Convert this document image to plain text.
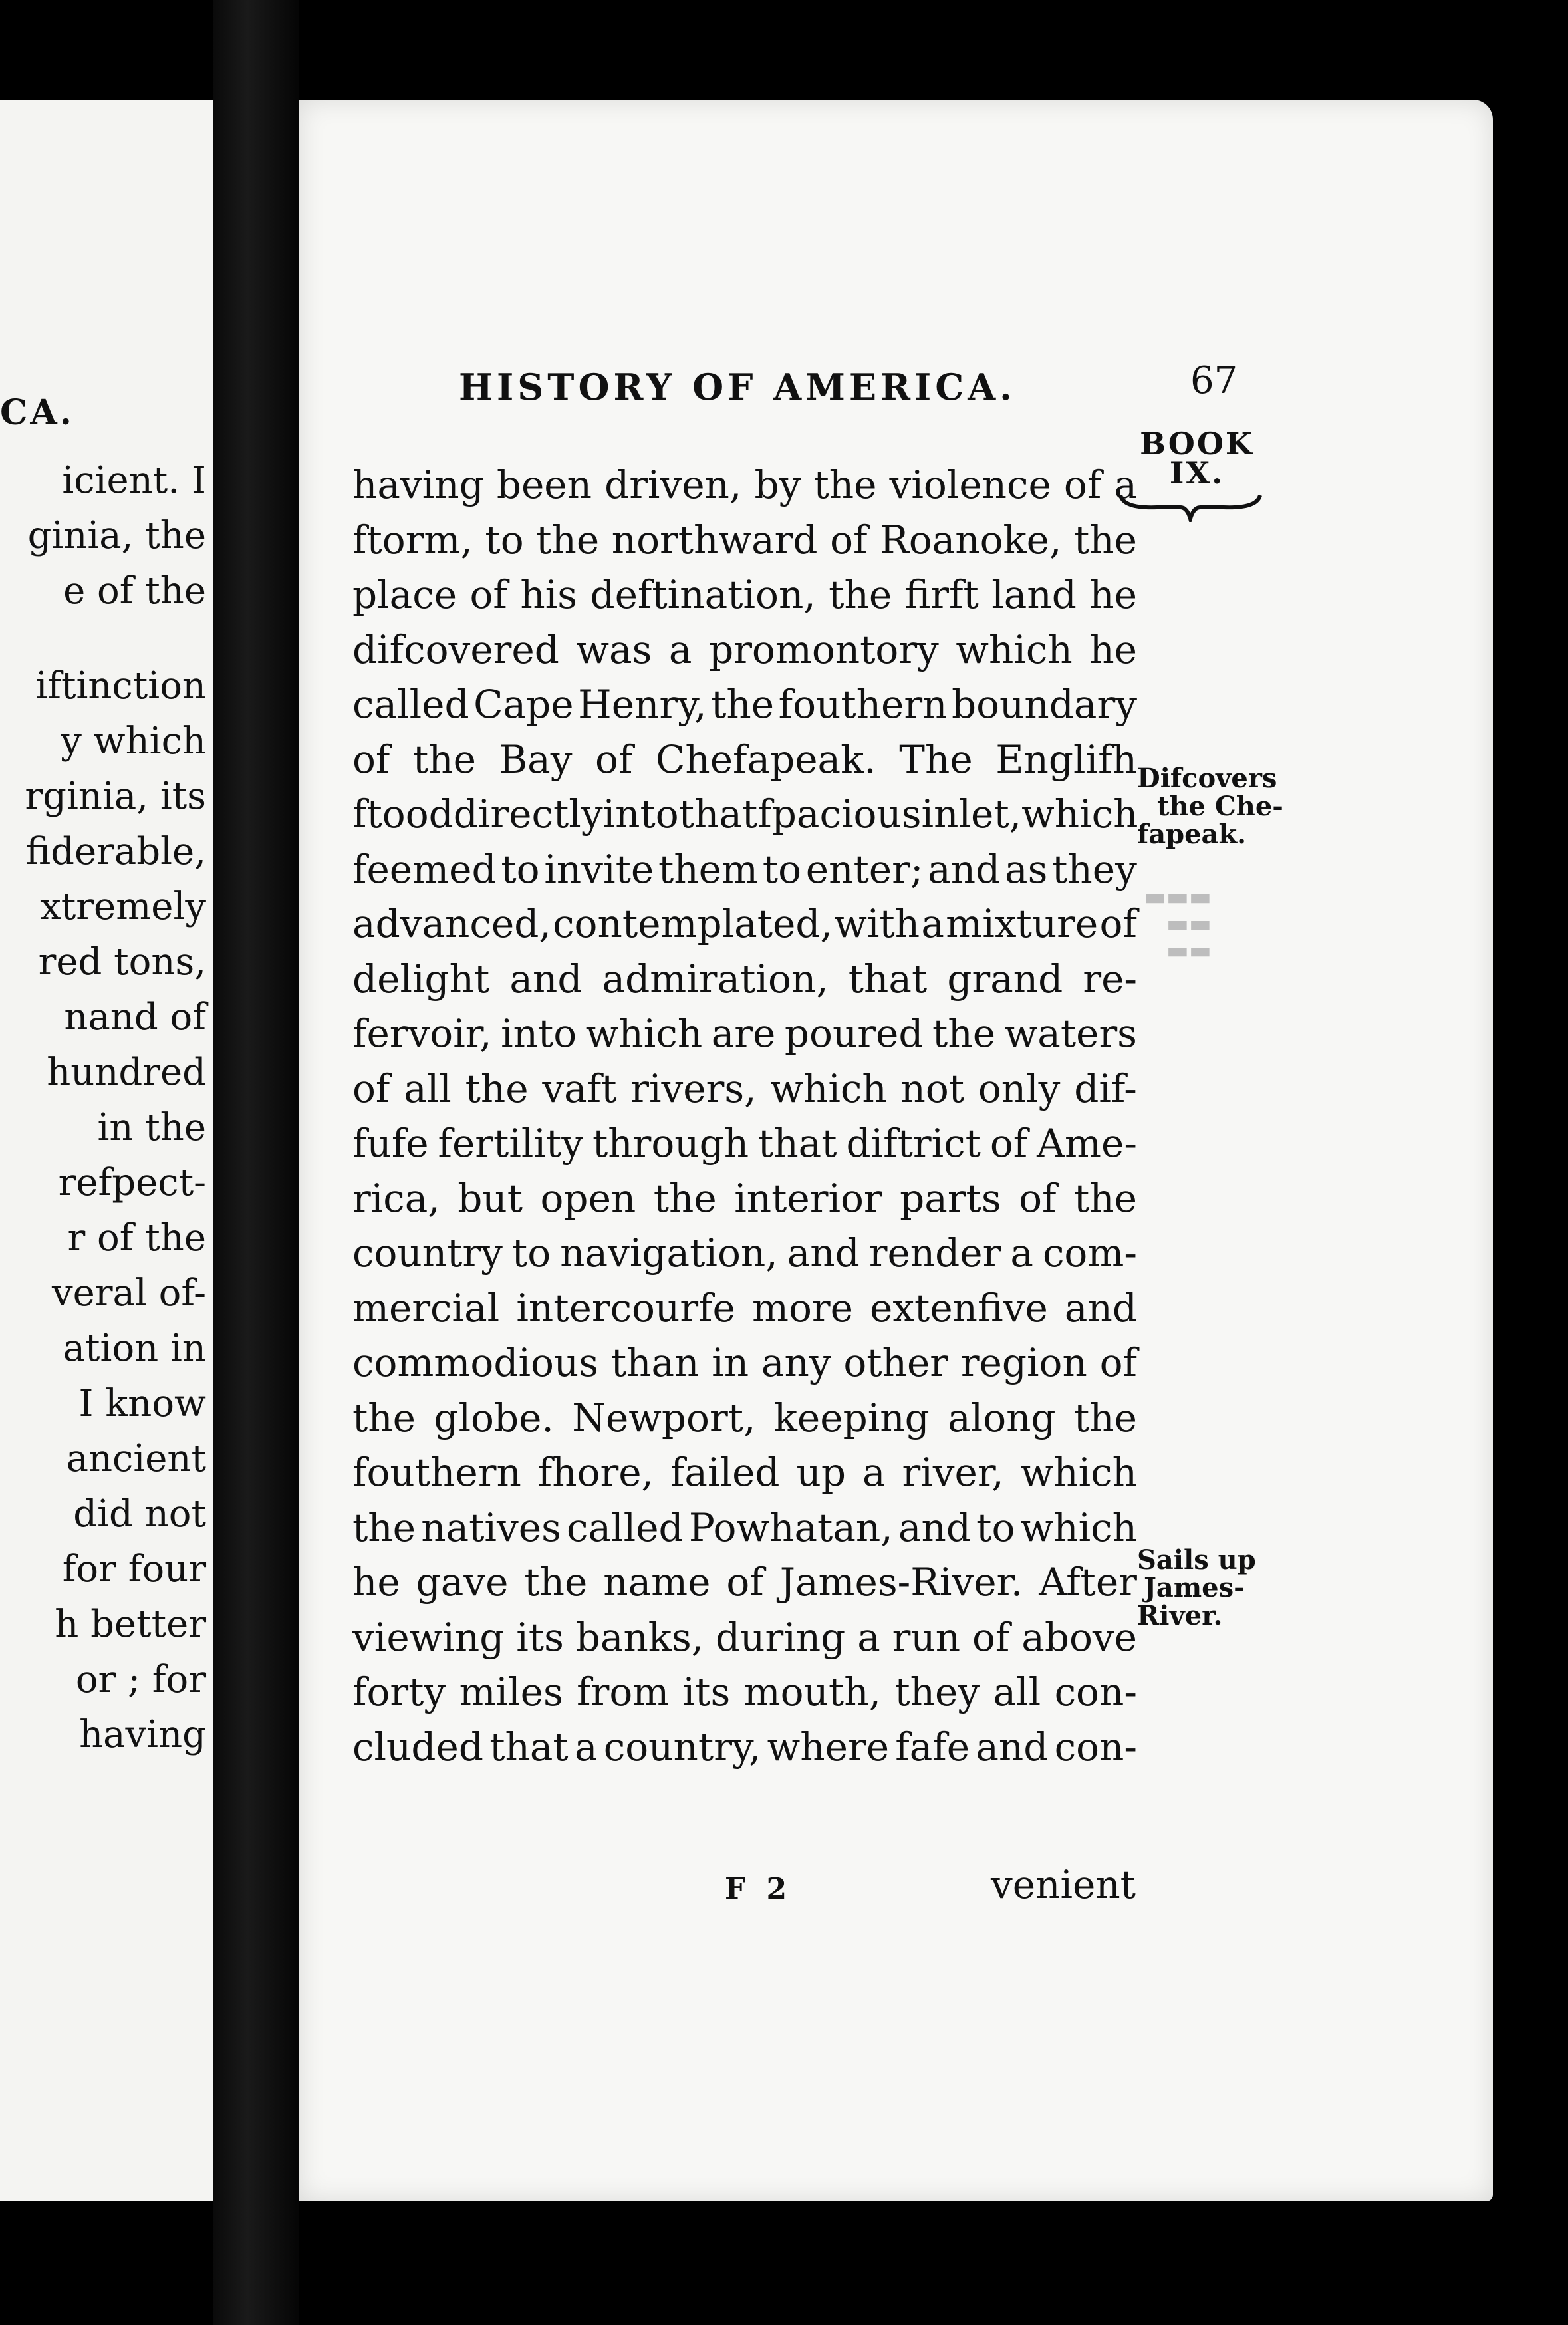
CA.
icient. I
ginia, the
e of the
iftinction
y which
rginia, its
fiderable,
xtremely
red tons,
nand of
hundred
in the
refpect-
r of the
veral of-
ation in
I know
ancient
did not
for four
h better
or ; for
having
▬▬▬
▬▬
▬▬
HISTORY OF AMERICA.	67
BOOK
IX.
having been driven, by the violence of a
ftorm, to the northward of Roanoke, the
place of his deftination, the firft land he
difcovered was a promontory which he
called Cape Henry, the fouthern boundary
of the Bay of Chefapeak. The Englifh
ftood directly into that fpacious inlet, which
feemed to invite them to enter; and as they
advanced, contemplated, with a mixture of
delight and admiration, that grand re-
fervoir, into which are poured the waters
of all the vaft rivers, which not only dif-
fufe fertility through that diftrict of Ame-
rica, but open the interior parts of the
country to navigation, and render a com-
mercial intercourfe more extenfive and
commodious than in any other region of
the globe. Newport, keeping along the
fouthern fhore, failed up a river, which
the natives called Powhatan, and to which
he gave the name of James-River. After
viewing its banks, during a run of above
forty miles from its mouth, they all con-
cluded that a country, where fafe and con-
Difcovers
the Che-
fapeak.
Sails up
James-
River.
F 2	venient
